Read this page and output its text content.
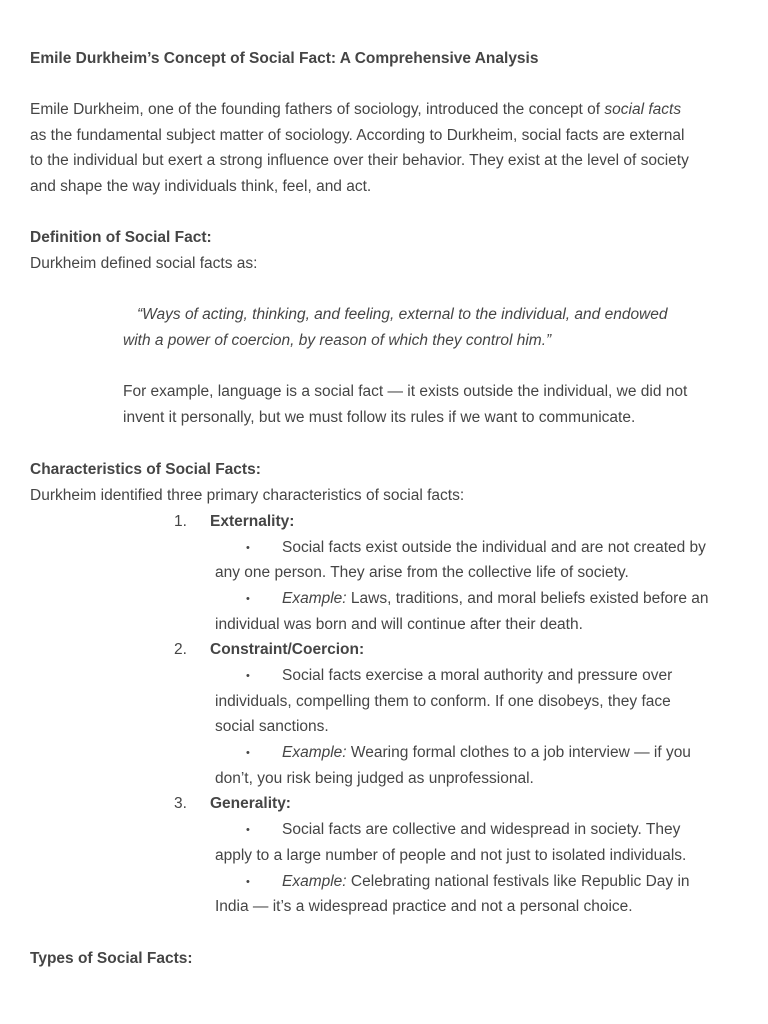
Emile Durkheim’s Concept of Social Fact: A Comprehensive Analysis
Emile Durkheim, one of the founding fathers of sociology, introduced the concept of social facts
as the fundamental subject matter of sociology. According to Durkheim, social facts are external
to the individual but exert a strong influence over their behavior. They exist at the level of society
and shape the way individuals think, feel, and act.
Definition of Social Fact:
Durkheim defined social facts as:
“Ways of acting, thinking, and feeling, external to the individual, and endowed
with a power of coercion, by reason of which they control him.”
For example, language is a social fact — it exists outside the individual, we did not
invent it personally, but we must follow its rules if we want to communicate.
Characteristics of Social Facts:
Durkheim identified three primary characteristics of social facts:
1. Externality:
• Social facts exist outside the individual and are not created by
any one person. They arise from the collective life of society.
• Example: Laws, traditions, and moral beliefs existed before an
individual was born and will continue after their death.
2. Constraint/Coercion:
• Social facts exercise a moral authority and pressure over
individuals, compelling them to conform. If one disobeys, they face
social sanctions.
• Example: Wearing formal clothes to a job interview — if you
don’t, you risk being judged as unprofessional.
3. Generality:
• Social facts are collective and widespread in society. They
apply to a large number of people and not just to isolated individuals.
• Example: Celebrating national festivals like Republic Day in
India — it’s a widespread practice and not a personal choice.
Types of Social Facts:
